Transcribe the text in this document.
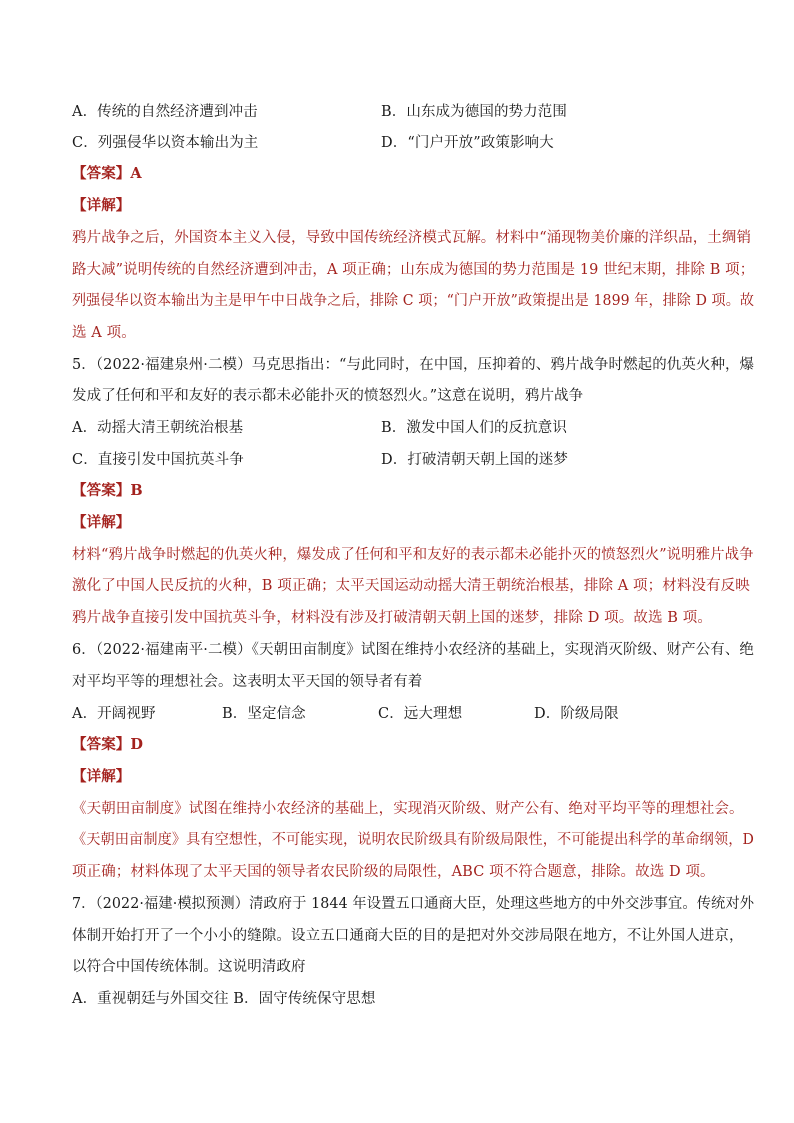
A．传统的自然经济遭到冲击	B．山东成为德国的势力范围
C．列强侵华以资本输出为主	D．“门户开放”政策影响大
【答案】A
【详解】
鸦片战争之后，外国资本主义入侵，导致中国传统经济模式瓦解。材料中“涌现物美价廉的洋织品，土绸销
路大减”说明传统的自然经济遭到冲击，A 项正确；山东成为德国的势力范围是 19 世纪末期，排除 B 项；
列强侵华以资本输出为主是甲午中日战争之后，排除 C 项；“门户开放”政策提出是 1899 年，排除 D 项。故
选 A 项。
5．（2022·福建泉州·二模）马克思指出：“与此同时，在中国，压抑着的、鸦片战争时燃起的仇英火种，爆
发成了任何和平和友好的表示都未必能扑灭的愤怒烈火。”这意在说明，鸦片战争
A．动摇大清王朝统治根基	B．激发中国人们的反抗意识
C．直接引发中国抗英斗争	D．打破清朝天朝上国的迷梦
【答案】B
【详解】
材料“鸦片战争时燃起的仇英火种，爆发成了任何和平和友好的表示都未必能扑灭的愤怒烈火”说明雅片战争
激化了中国人民反抗的火种，B 项正确；太平天国运动动摇大清王朝统治根基，排除 A 项；材料没有反映
鸦片战争直接引发中国抗英斗争，材料没有涉及打破清朝天朝上国的迷梦，排除 D 项。故选 B 项。
6．（2022·福建南平·二模）《天朝田亩制度》试图在维持小农经济的基础上，实现消灭阶级、财产公有、绝
对平均平等的理想社会。这表明太平天国的领导者有着
A．开阔视野	B．坚定信念	C．远大理想	D．阶级局限
【答案】D
【详解】
《天朝田亩制度》试图在维持小农经济的基础上，实现消灭阶级、财产公有、绝对平均平等的理想社会。
《天朝田亩制度》具有空想性，不可能实现，说明农民阶级具有阶级局限性，不可能提出科学的革命纲领，D
项正确；材料体现了太平天国的领导者农民阶级的局限性，ABC 项不符合题意，排除。故选 D 项。
7．（2022·福建·模拟预测）清政府于 1844 年设置五口通商大臣，处理这些地方的中外交涉事宜。传统对外
体制开始打开了一个小小的缝隙。设立五口通商大臣的目的是把对外交涉局限在地方，不让外国人进京，
以符合中国传统体制。这说明清政府
A．重视朝廷与外国交往 B．固守传统保守思想
